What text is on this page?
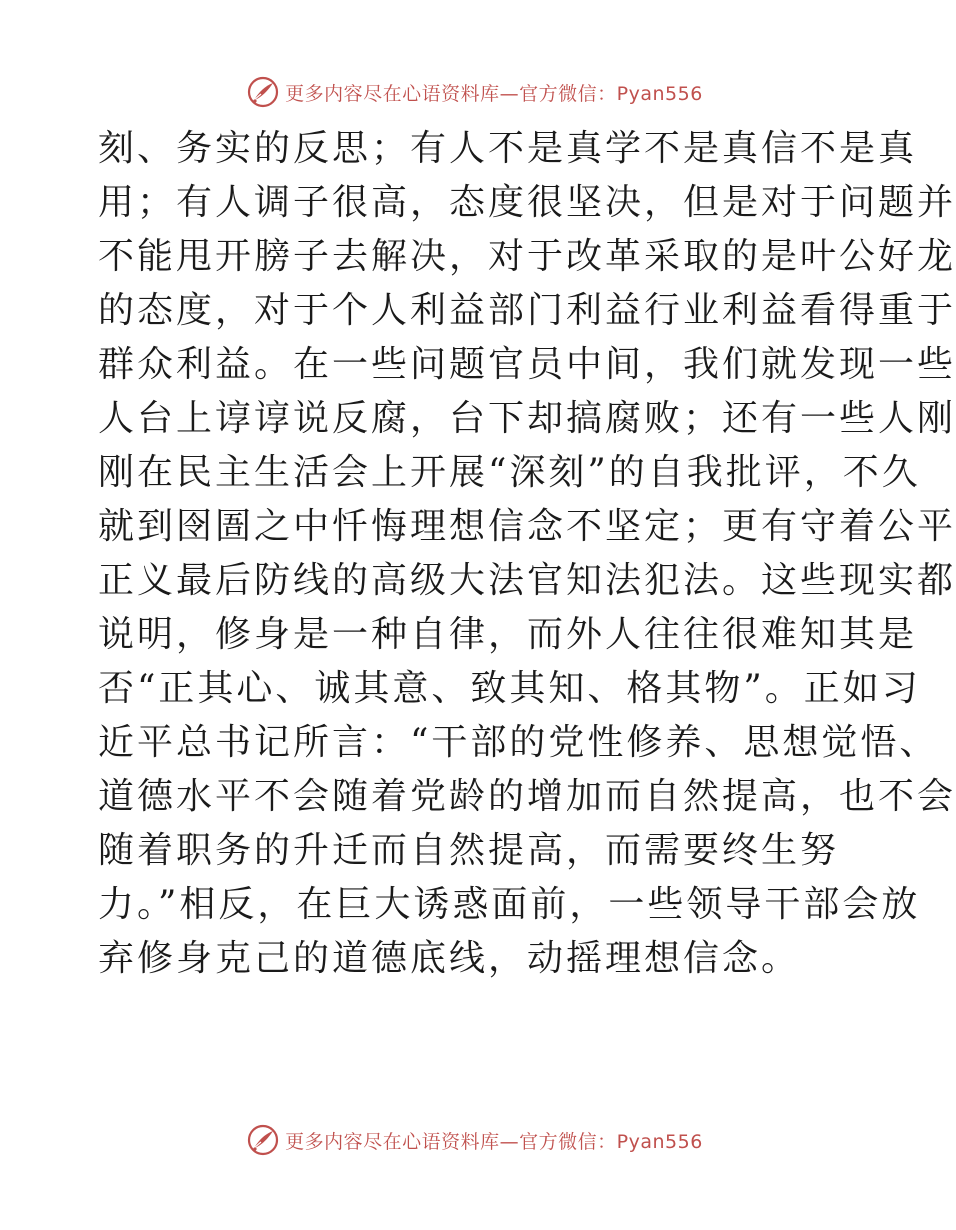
更多内容尽在心语资料库—官方微信：Pyan556
刻、务实的反思；有人不是真学不是真信不是真
用；有人调子很高，态度很坚决，但是对于问题并
不能甩开膀子去解决，对于改革采取的是叶公好龙
的态度，对于个人利益部门利益行业利益看得重于
群众利益。在一些问题官员中间，我们就发现一些
人台上谆谆说反腐，台下却搞腐败；还有一些人刚
刚在民主生活会上开展“深刻”的自我批评，不久
就到囹圄之中忏悔理想信念不坚定；更有守着公平
正义最后防线的高级大法官知法犯法。这些现实都
说明，修身是一种自律，而外人往往很难知其是
否“正其心、诚其意、致其知、格其物”。正如习
近平总书记所言：“干部的党性修养、思想觉悟、
道德水平不会随着党龄的增加而自然提高，也不会
随着职务的升迁而自然提高，而需要终生努
力。”相反，在巨大诱惑面前，一些领导干部会放
弃修身克己的道德底线，动摇理想信念。
更多内容尽在心语资料库—官方微信：Pyan556
